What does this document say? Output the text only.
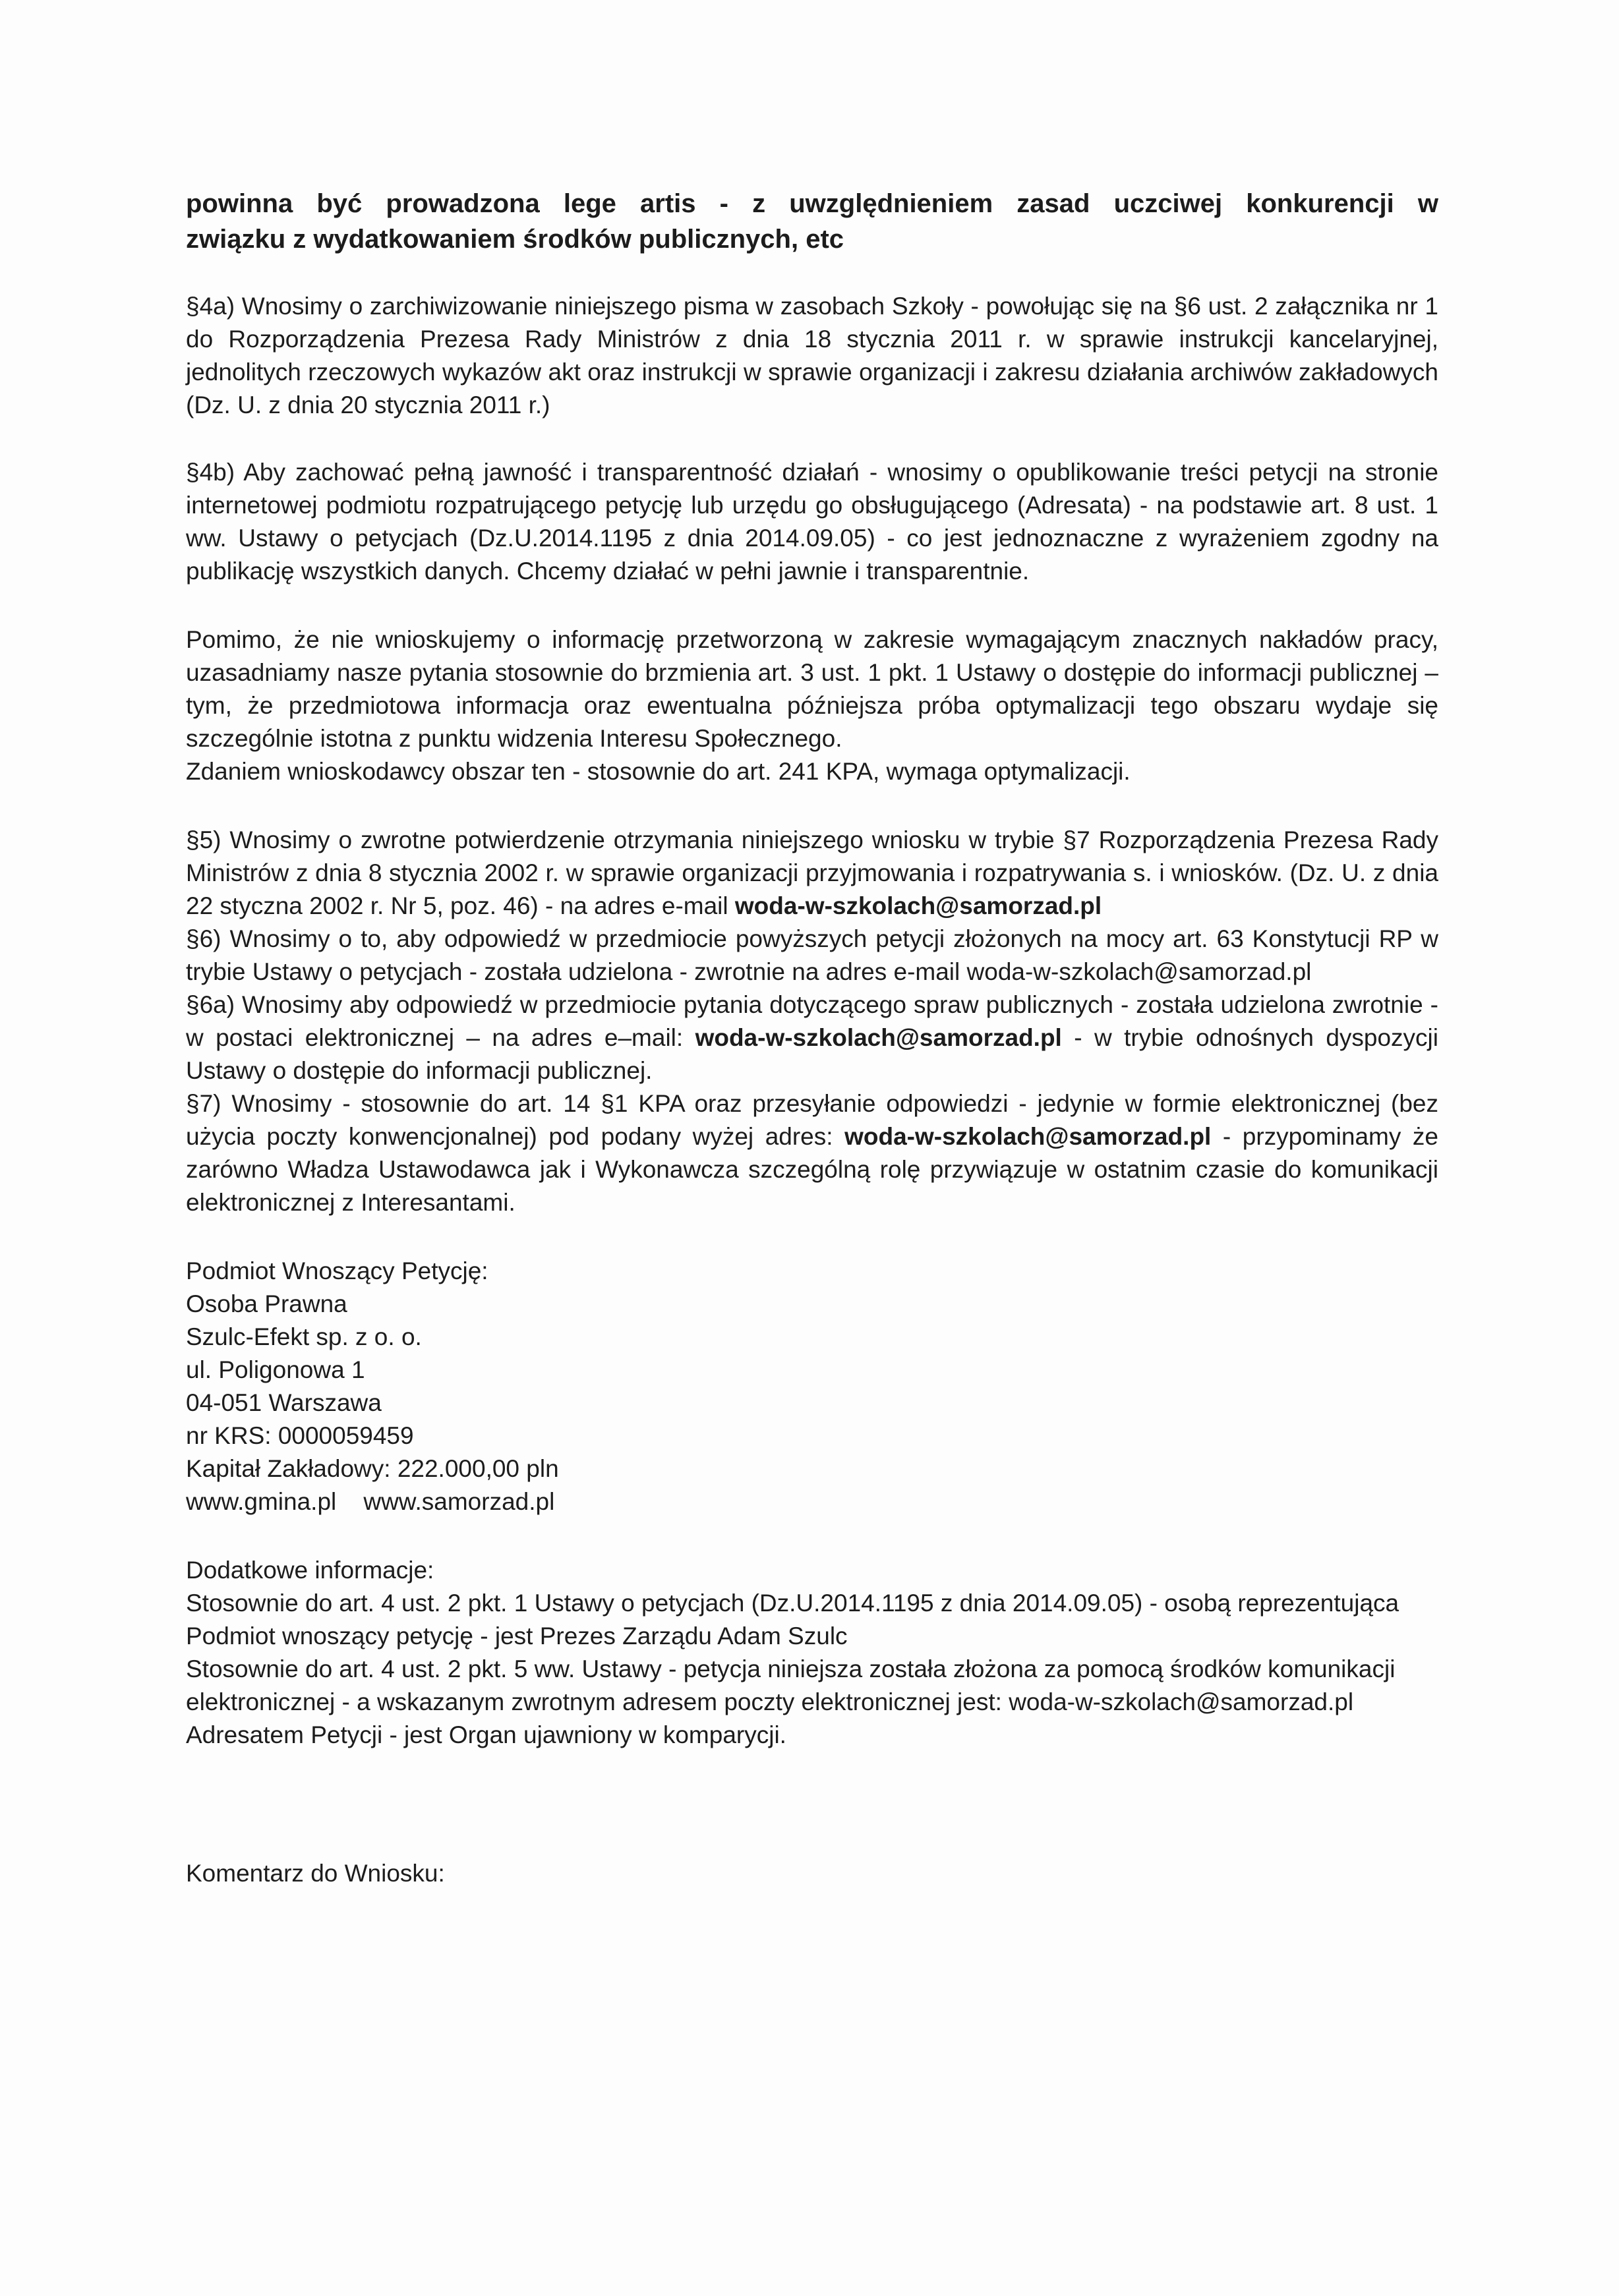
powinna być prowadzona lege artis - z uwzględnieniem zasad uczciwej konkurencji w
związku z wydatkowaniem środków publicznych, etc

§4a) Wnosimy o zarchiwizowanie niniejszego pisma w zasobach Szkoły - powołując się na §6 ust. 2 załącznika nr 1 do Rozporządzenia Prezesa Rady Ministrów z dnia 18 stycznia 2011 r. w sprawie instrukcji kancelaryjnej, jednolitych rzeczowych wykazów akt oraz instrukcji w sprawie organizacji i zakresu działania archiwów zakładowych (Dz. U. z dnia 20 stycznia 2011 r.)

§4b) Aby zachować pełną jawność i transparentność działań - wnosimy o opublikowanie treści petycji na stronie internetowej podmiotu rozpatrującego petycję lub urzędu go obsługującego (Adresata) - na podstawie art. 8 ust. 1 ww. Ustawy o petycjach (Dz.U.2014.1195 z dnia 2014.09.05) - co jest jednoznaczne z wyrażeniem zgodny na publikację wszystkich danych. Chcemy działać w pełni jawnie i transparentnie.

Pomimo, że nie wnioskujemy o informację przetworzoną w zakresie wymagającym znacznych nakładów pracy, uzasadniamy nasze pytania stosownie do brzmienia art. 3 ust. 1 pkt. 1 Ustawy o dostępie do informacji publicznej – tym, że przedmiotowa informacja oraz ewentualna późniejsza próba optymalizacji tego obszaru wydaje się szczególnie istotna z punktu widzenia Interesu Społecznego.

Zdaniem wnioskodawcy obszar ten - stosownie do art. 241 KPA, wymaga optymalizacji.

§5) Wnosimy o zwrotne potwierdzenie otrzymania niniejszego wniosku w trybie §7 Rozporządzenia Prezesa Rady Ministrów z dnia 8 stycznia 2002 r. w sprawie organizacji przyjmowania i rozpatrywania s. i wniosków. (Dz. U. z dnia 22 styczna 2002 r. Nr 5, poz. 46) - na adres e-mail woda-w-szkolach@samorzad.pl

§6) Wnosimy o to, aby odpowiedź w przedmiocie powyższych petycji złożonych na mocy art. 63 Konstytucji RP w trybie Ustawy o petycjach - została udzielona - zwrotnie na adres e-mail woda-w-szkolach@samorzad.pl

§6a) Wnosimy aby odpowiedź w przedmiocie pytania dotyczącego spraw publicznych - została udzielona zwrotnie - w postaci elektronicznej – na adres e–mail: woda-w-szkolach@samorzad.pl - w trybie odnośnych dyspozycji Ustawy o dostępie do informacji publicznej.

§7) Wnosimy - stosownie do art. 14 §1 KPA oraz przesyłanie odpowiedzi - jedynie w formie elektronicznej (bez użycia poczty konwencjonalnej) pod podany wyżej adres: woda-w-szkolach@samorzad.pl - przypominamy że zarówno Władza Ustawodawca jak i Wykonawcza szczególną rolę przywiązuje w ostatnim czasie do komunikacji elektronicznej z Interesantami.

Podmiot Wnoszący Petycję:

Osoba Prawna

Szulc-Efekt sp. z o. o.

ul. Poligonowa 1

04-051 Warszawa

nr KRS: 0000059459

Kapitał Zakładowy: 222.000,00 pln

www.gmina.pl    www.samorzad.pl

Dodatkowe informacje:

Stosownie do art. 4 ust. 2 pkt. 1 Ustawy o petycjach (Dz.U.2014.1195 z dnia 2014.09.05) - osobą reprezentująca Podmiot wnoszący petycję - jest Prezes Zarządu Adam Szulc

Stosownie do art. 4 ust. 2 pkt. 5 ww. Ustawy - petycja niniejsza została złożona za pomocą środków komunikacji elektronicznej - a wskazanym zwrotnym adresem poczty elektronicznej jest: woda-w-szkolach@samorzad.pl

Adresatem Petycji - jest Organ ujawniony w komparycji.

Komentarz do Wniosku:
